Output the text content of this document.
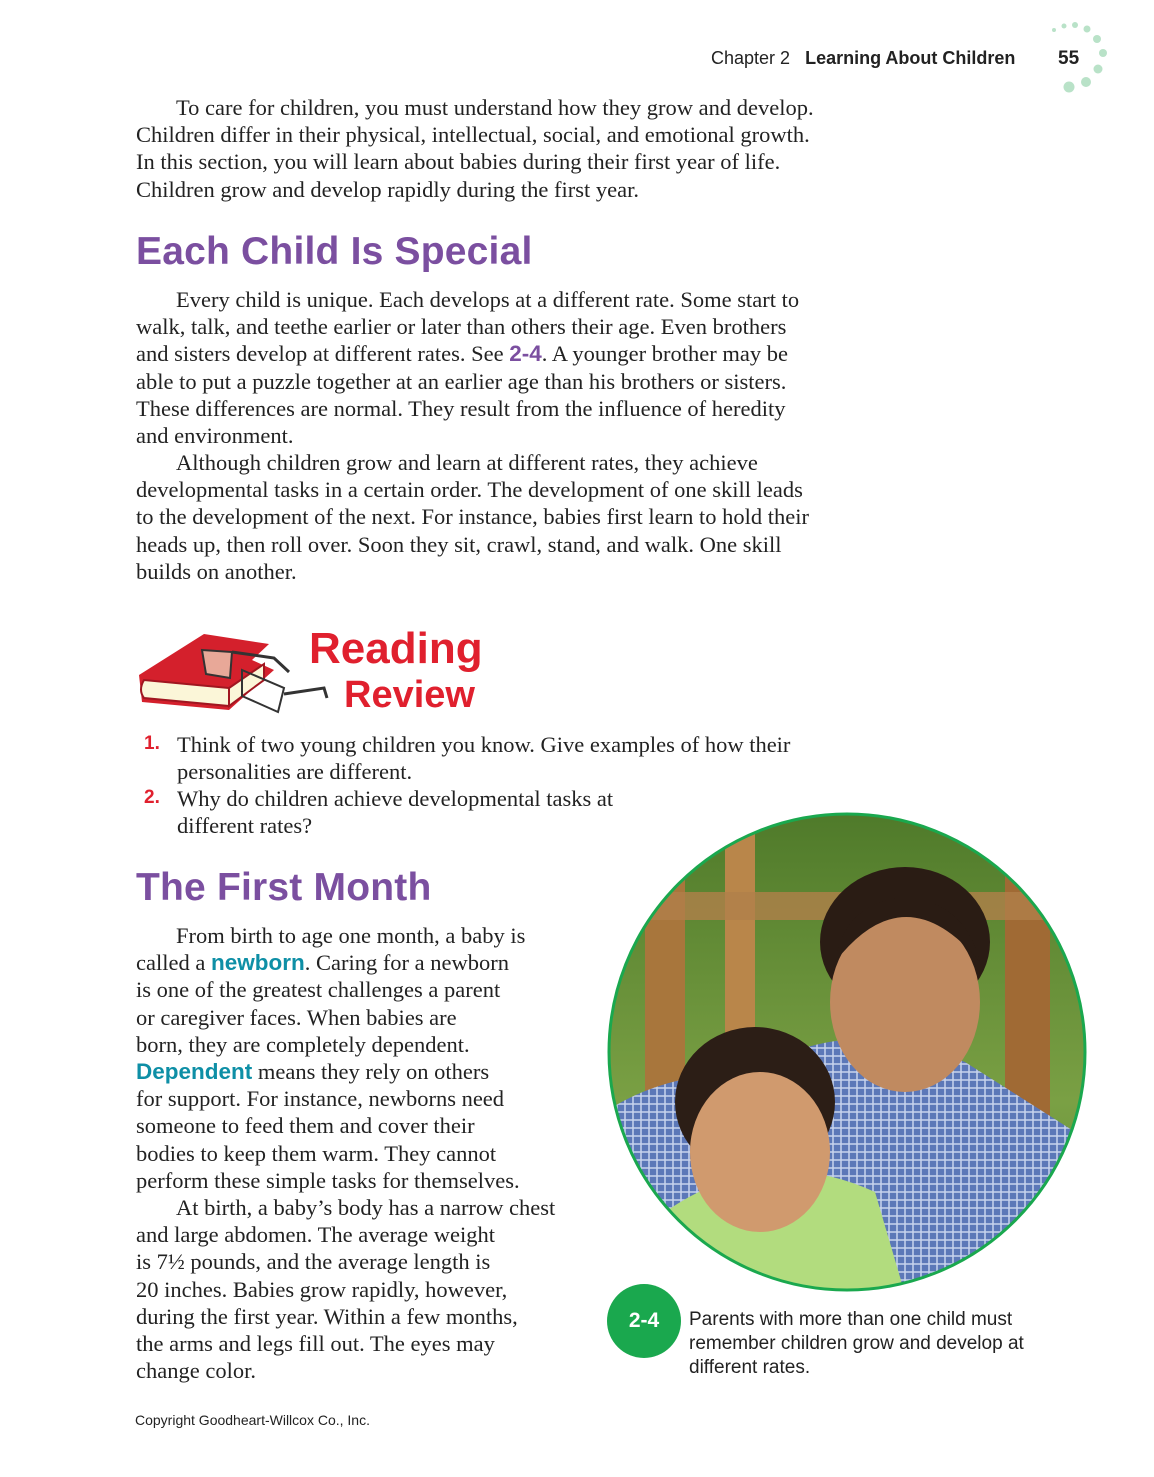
Chapter 2 Learning About Children 55
To care for children, you must understand how they grow and develop.
Children differ in their physical, intellectual, social, and emotional growth.
In this section, you will learn about babies during their first year of life.
Children grow and develop rapidly during the first year.
Each Child Is Special
Every child is unique. Each develops at a different rate. Some start to
walk, talk, and teethe earlier or later than others their age. Even brothers
and sisters develop at different rates. See 2-4. A younger brother may be
able to put a puzzle together at an earlier age than his brothers or sisters.
These differences are normal. They result from the influence of heredity
and environment.
Although children grow and learn at different rates, they achieve
developmental tasks in a certain order. The development of one skill leads
to the development of the next. For instance, babies first learn to hold their
heads up, then roll over. Soon they sit, crawl, stand, and walk. One skill
builds on another.
Reading
Review
1. Think of two young children you know. Give examples of how their
personalities are different.
2. Why do children achieve developmental tasks at
different rates?
The First Month
From birth to age one month, a baby is
called a newborn. Caring for a newborn
is one of the greatest challenges a parent
or caregiver faces. When babies are
born, they are completely dependent.
Dependent means they rely on others
for support. For instance, newborns need
someone to feed them and cover their
bodies to keep them warm. They cannot
perform these simple tasks for themselves.
At birth, a baby’s body has a narrow chest
and large abdomen. The average weight
is 7½ pounds, and the average length is
20 inches. Babies grow rapidly, however,
during the first year. Within a few months,
the arms and legs fill out. The eyes may
change color.
2-4	Parents with more than one child must
remember children grow and develop at
different rates.
Copyright Goodheart-Willcox Co., Inc.
